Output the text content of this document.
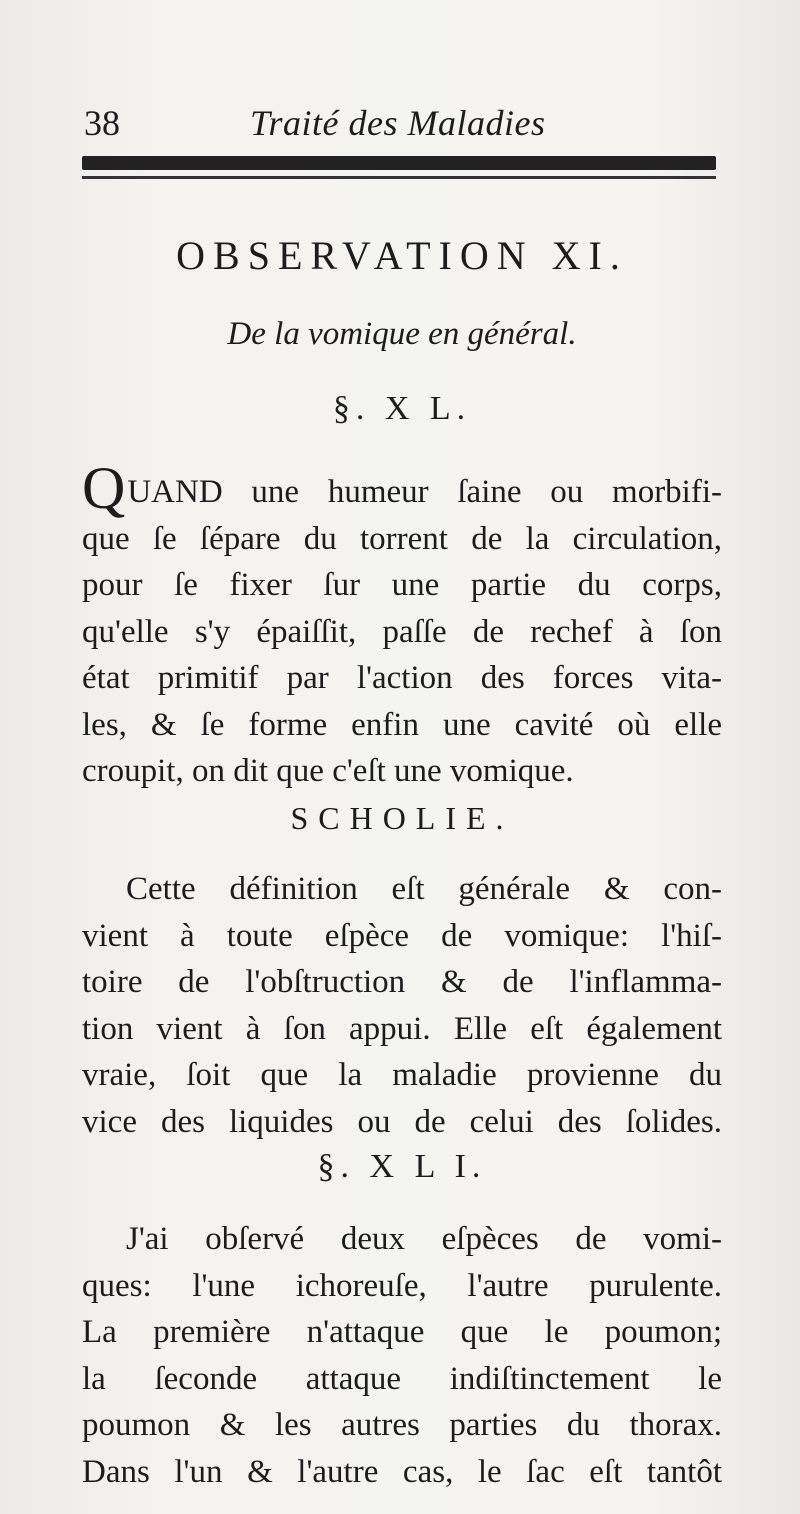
38	Traité des Maladies
OBSERVATION XI.
De la vomique en général.
§. X L.
QUAND une humeur ſaine ou morbifi-
que ſe ſépare du torrent de la circulation,
pour ſe fixer ſur une partie du corps,
qu'elle s'y épaiſſit, paſſe de rechef à ſon
état primitif par l'action des forces vita-
les, & ſe forme enfin une cavité où elle
croupit, on dit que c'eſt une vomique.
SCHOLIE.
Cette définition eſt générale & con-
vient à toute eſpèce de vomique: l'hiſ-
toire de l'obſtruction & de l'inflamma-
tion vient à ſon appui. Elle eſt également
vraie, ſoit que la maladie provienne du
vice des liquides ou de celui des ſolides.
§. X L I.
J'ai obſervé deux eſpèces de vomi-
ques: l'une ichoreuſe, l'autre purulente.
La première n'attaque que le poumon;
la ſeconde attaque indiſtinctement le
poumon & les autres parties du thorax.
Dans l'un & l'autre cas, le ſac eſt tantôt
